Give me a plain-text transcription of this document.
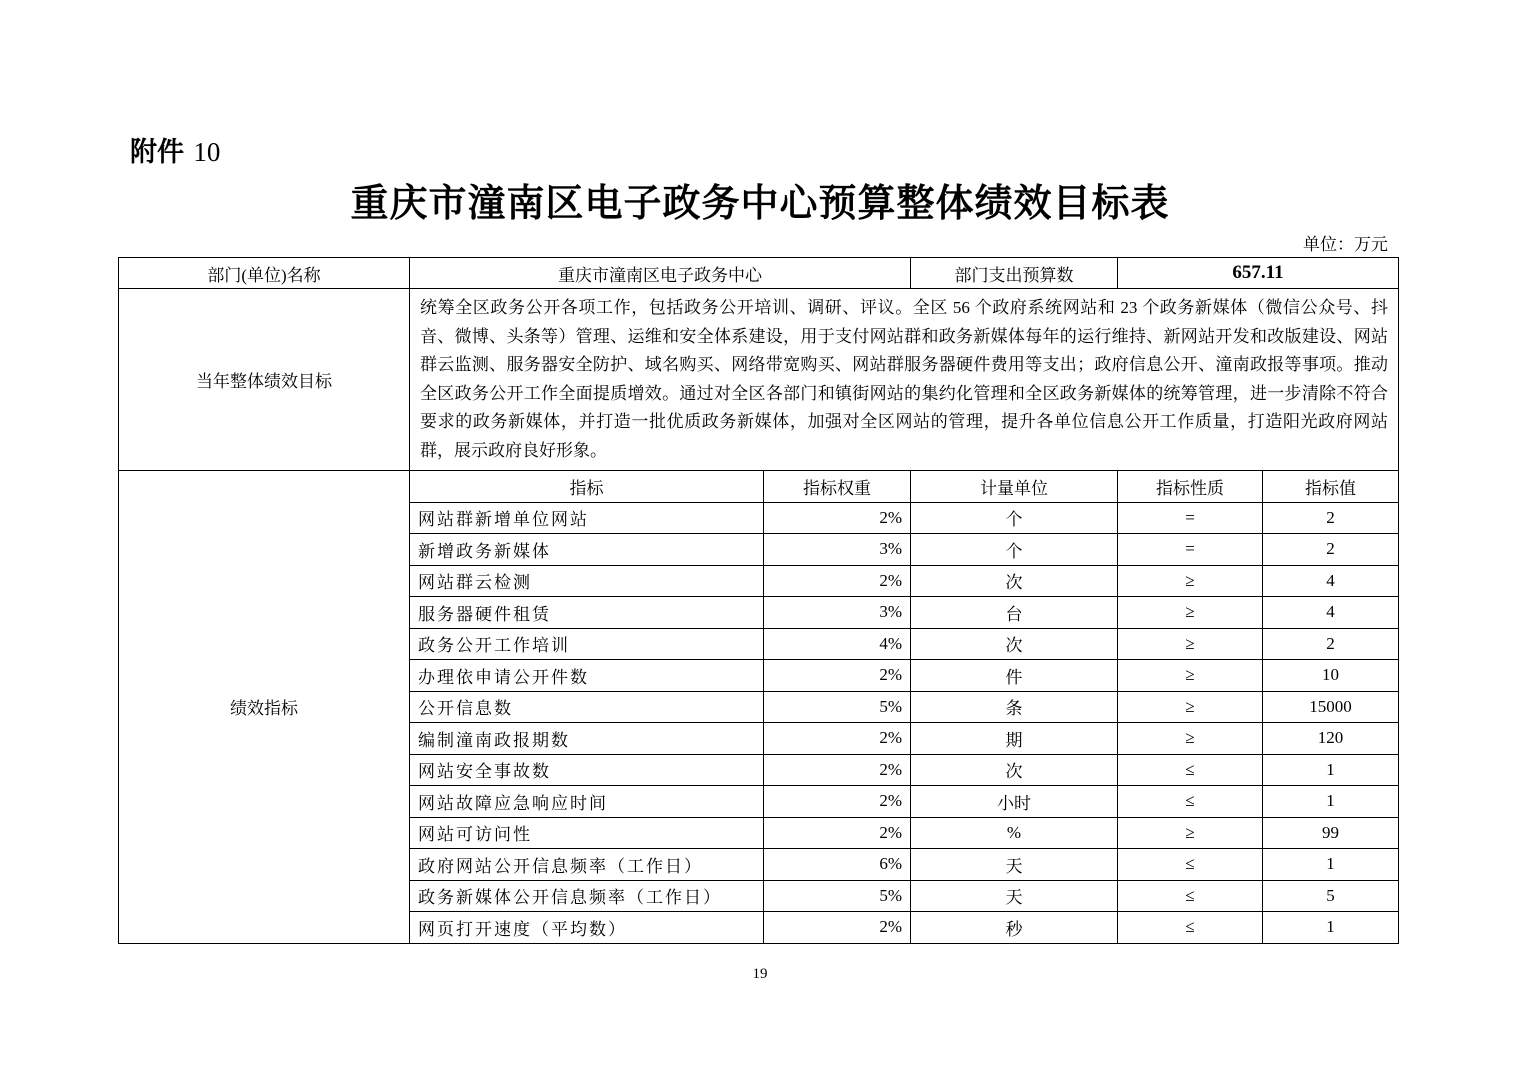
附件 10
重庆市潼南区电子政务中心预算整体绩效目标表
单位：万元
部门(单位)名称	重庆市潼南区电子政务中心		部门支出预算数	657.11	
当年整体绩效目标	统筹全区政务公开各项工作，包括政务公开培训、调研、评议。全区 56 个政府系统网站和 23 个政务新媒体（微信公众号、抖音、微博、头条等）管理、运维和安全体系建设，用于支付网站群和政务新媒体每年的运行维持、新网站开发和改版建设、网站群云监测、服务器安全防护、域名购买、网络带宽购买、网站群服务器硬件费用等支出；政府信息公开、潼南政报等事项。推动全区政务公开工作全面提质增效。通过对全区各部门和镇街网站的集约化管理和全区政务新媒体的统筹管理，进一步清除不符合要求的政务新媒体，并打造一批优质政务新媒体，加强对全区网站的管理，提升各单位信息公开工作质量，打造阳光政府网站群，展示政府良好形象。				
绩效指标	指标	指标权重	计量单位	指标性质	指标值
	网站群新增单位网站	2%	个	=	2
	新增政务新媒体	3%	个	=	2
	网站群云检测	2%	次	≥	4
	服务器硬件租赁	3%	台	≥	4
	政务公开工作培训	4%	次	≥	2
	办理依申请公开件数	2%	件	≥	10
	公开信息数	5%	条	≥	15000
	编制潼南政报期数	2%	期	≥	120
	网站安全事故数	2%	次	≤	1
	网站故障应急响应时间	2%	小时	≤	1
	网站可访问性	2%	%	≥	99
	政府网站公开信息频率（工作日）	6%	天	≤	1
	政务新媒体公开信息频率（工作日）	5%	天	≤	5
	网页打开速度（平均数）	2%	秒	≤	1
19
